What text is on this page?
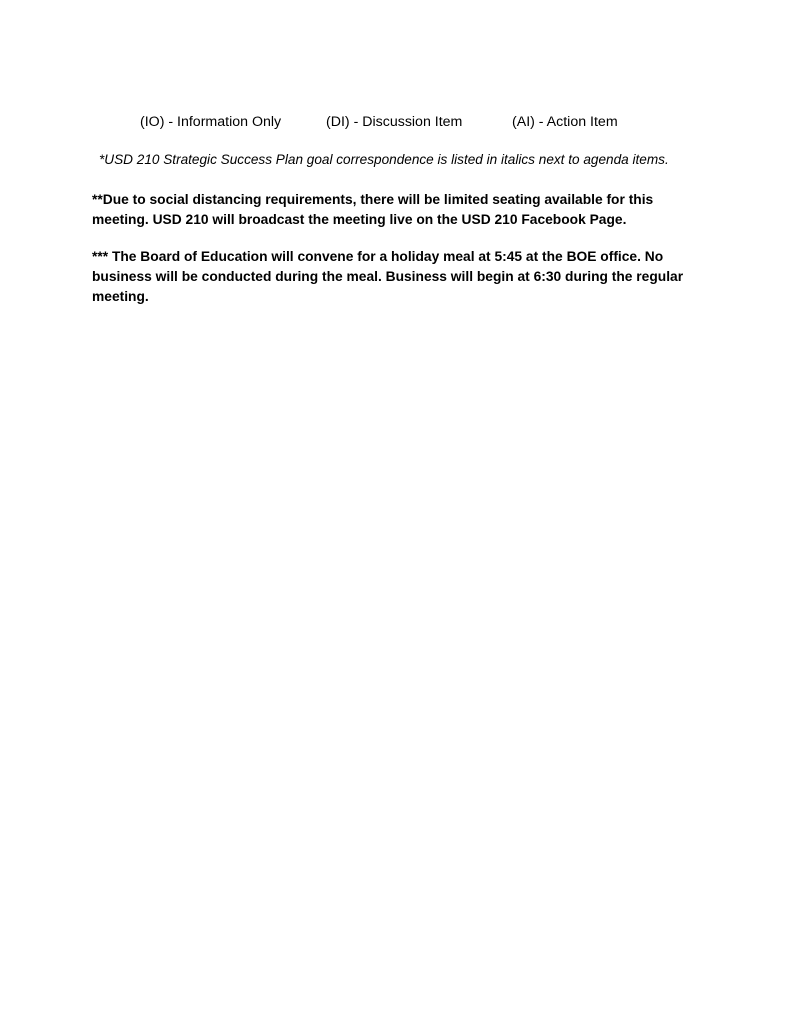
(IO) - Information Only	(DI) - Discussion Item	(AI) - Action Item
*USD 210 Strategic Success Plan goal correspondence is listed in italics next to agenda items.
**Due to social distancing requirements, there will be limited seating available for this meeting. USD 210 will broadcast the meeting live on the USD 210 Facebook Page.
*** The Board of Education will convene for a holiday meal at 5:45 at the BOE office. No business will be conducted during the meal. Business will begin at 6:30 during the regular meeting.
